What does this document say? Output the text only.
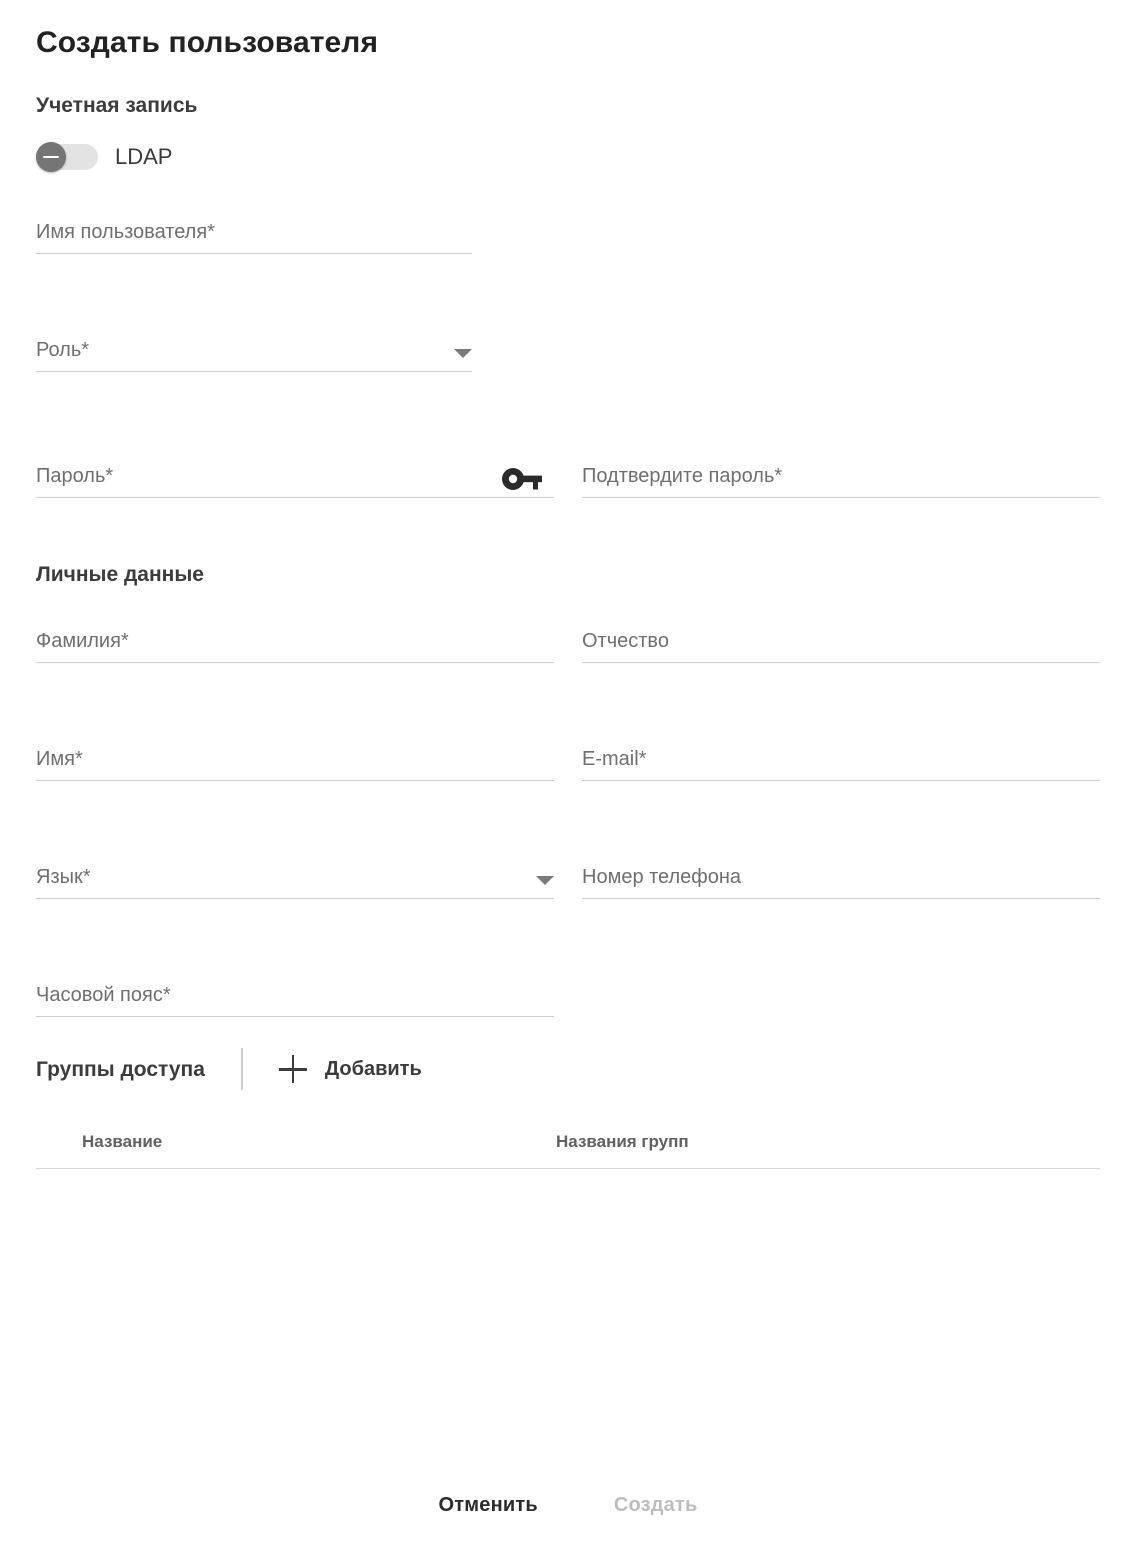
Создать пользователя
Учетная запись
LDAP
Имя пользователя*
Роль*
Пароль*	Подтвердите пароль*
Личные данные
Фамилия*	Отчество
Имя*	E-mail*
Язык*	Номер телефона
Часовой пояс*
Группы доступа	Добавить
Название	Названия групп
Отменить	Создать
